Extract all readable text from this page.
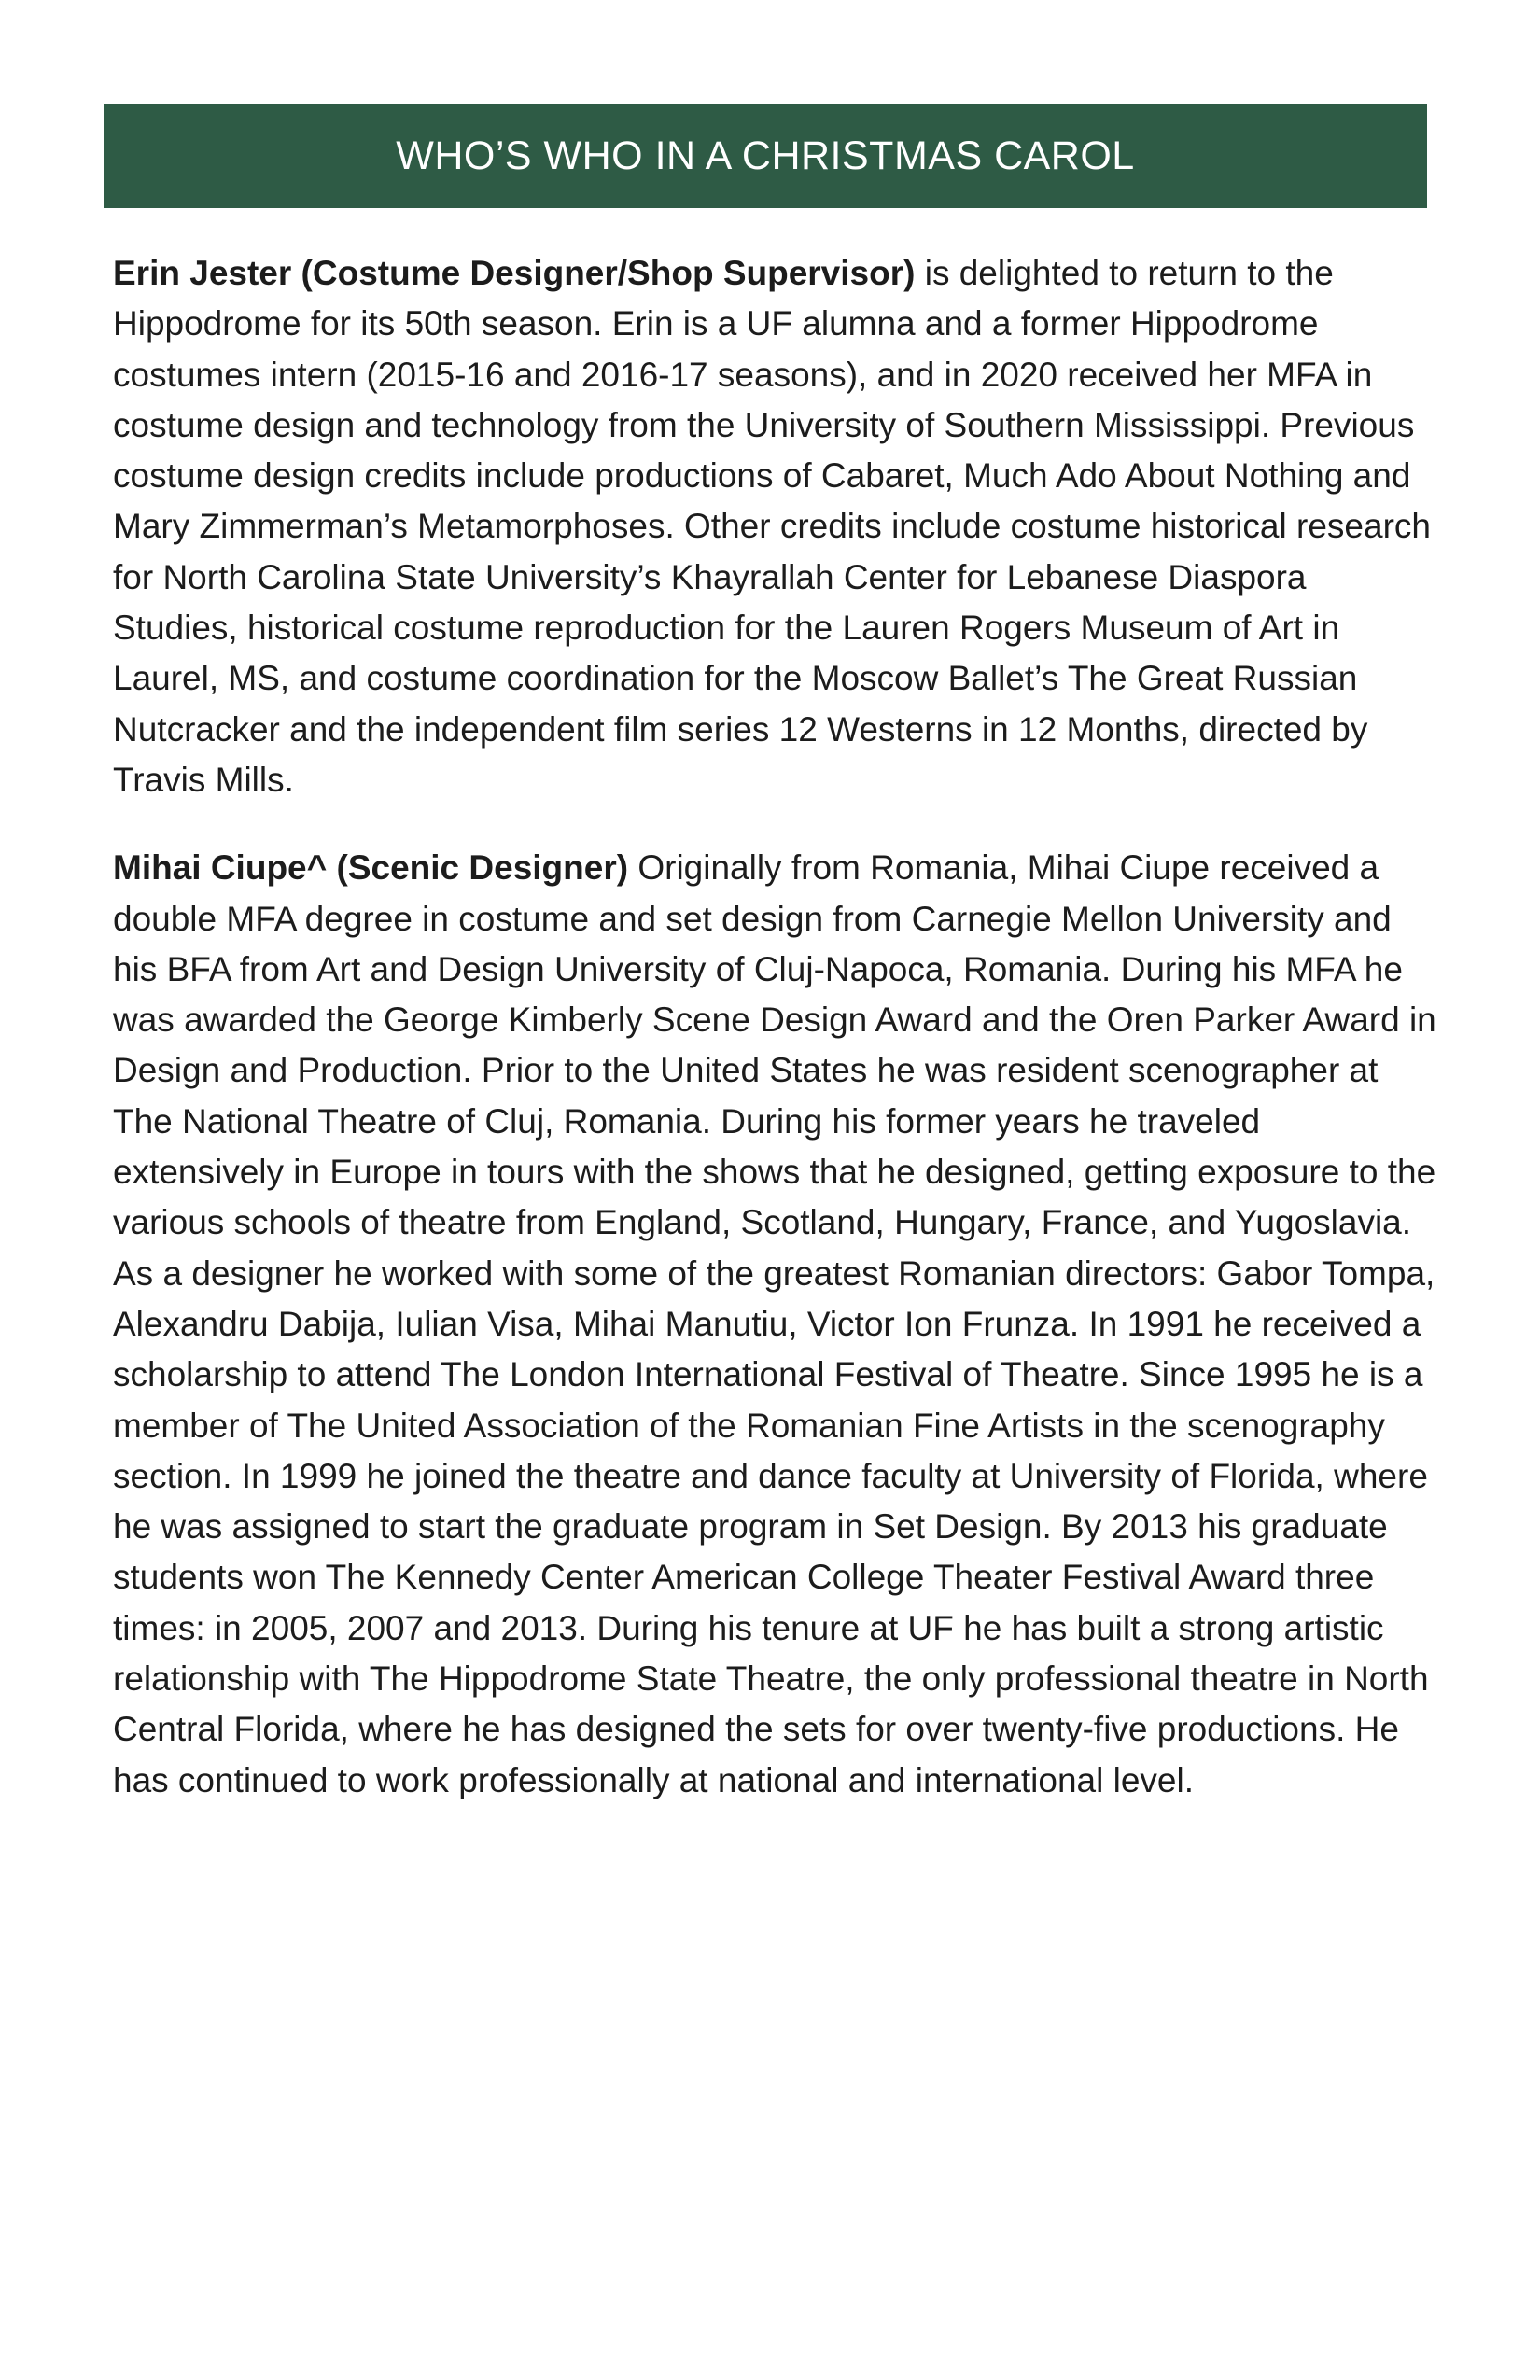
WHO’S WHO IN A CHRISTMAS CAROL

Erin Jester (Costume Designer/Shop Supervisor) is delighted to return to the Hippodrome for its 50th season. Erin is a UF alumna and a former Hippodrome costumes intern (2015-16 and 2016-17 seasons), and in 2020 received her MFA in costume design and technology from the University of Southern Mississippi. Previous costume design credits include productions of Cabaret, Much Ado About Nothing and Mary Zimmerman’s Metamorphoses. Other credits include costume historical research for North Carolina State University’s Khayrallah Center for Lebanese Diaspora Studies, historical costume reproduction for the Lauren Rogers Museum of Art in Laurel, MS, and costume coordination for the Moscow Ballet’s The Great Russian Nutcracker and the independent film series 12 Westerns in 12 Months, directed by Travis Mills.

Mihai Ciupe^ (Scenic Designer) Originally from Romania, Mihai Ciupe received a double MFA degree in costume and set design from Carnegie Mellon University and his BFA from Art and Design University of Cluj-Napoca, Romania. During his MFA he was awarded the George Kimberly Scene Design Award and the Oren Parker Award in Design and Production. Prior to the United States he was resident scenographer at The National Theatre of Cluj, Romania. During his former years he traveled extensively in Europe in tours with the shows that he designed, getting exposure to the various schools of theatre from England, Scotland, Hungary, France, and Yugoslavia. As a designer he worked with some of the greatest Romanian directors: Gabor Tompa, Alexandru Dabija, Iulian Visa, Mihai Manutiu, Victor Ion Frunza. In 1991 he received a scholarship to attend The London International Festival of Theatre. Since 1995 he is a member of The United Association of the Romanian Fine Artists in the scenography section. In 1999 he joined the theatre and dance faculty at University of Florida, where he was assigned to start the graduate program in Set Design. By 2013 his graduate students won The Kennedy Center American College Theater Festival Award three times: in 2005, 2007 and 2013. During his tenure at UF he has built a strong artistic relationship with The Hippodrome State Theatre, the only professional theatre in North Central Florida, where he has designed the sets for over twenty-five productions. He has continued to work professionally at national and international level.
